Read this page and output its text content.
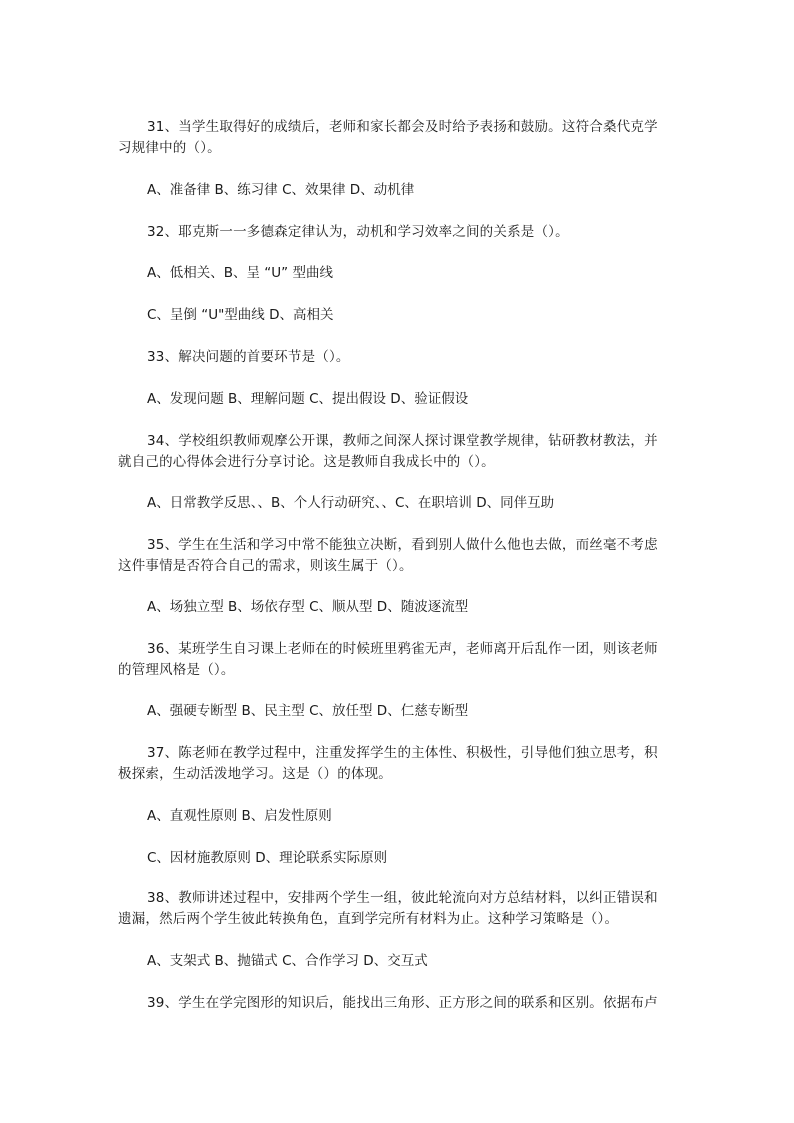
31、当学生取得好的成绩后，老师和家长都会及时给予表扬和鼓励。这符合桑代克学习规律中的（）。
A、准备律 B、练习律 C、效果律 D、动机律
32、耶克斯一一多德森定律认为，动机和学习效率之间的关系是（）。
A、低相关、B、呈 “U” 型曲线
C、呈倒 “U"型曲线 D、高相关
33、解决问题的首要环节是（）。
A、发现问题 B、理解问题 C、提出假设 D、验证假设
34、学校组织教师观摩公开课，教师之间深人探讨课堂教学规律，钻研教材教法，并就自己的心得体会进行分享讨论。这是教师自我成长中的（）。
A、日常教学反思、、B、个人行动研究、、C、在职培训 D、同伴互助
35、学生在生活和学习中常不能独立决断，看到别人做什么他也去做，而丝毫不考虑这件事情是否符合自己的需求，则该生属于（）。
A、场独立型 B、场依存型 C、顺从型 D、随波逐流型
36、某班学生自习课上老师在的时候班里鸦雀无声，老师离开后乱作一团，则该老师的管理风格是（）。
A、强硬专断型 B、民主型 C、放任型 D、仁慈专断型
37、陈老师在教学过程中，注重发挥学生的主体性、积极性，引导他们独立思考，积极探索，生动活泼地学习。这是（）的体现。
A、直观性原则 B、启发性原则
C、因材施教原则 D、理论联系实际原则
38、教师讲述过程中，安排两个学生一组，彼此轮流向对方总结材料，以纠正错误和遗漏，然后两个学生彼此转换角色，直到学完所有材料为止。这种学习策略是（）。
A、支架式 B、抛锚式 C、合作学习 D、交互式
39、学生在学完图形的知识后，能找出三角形、正方形之间的联系和区别。依据布卢
